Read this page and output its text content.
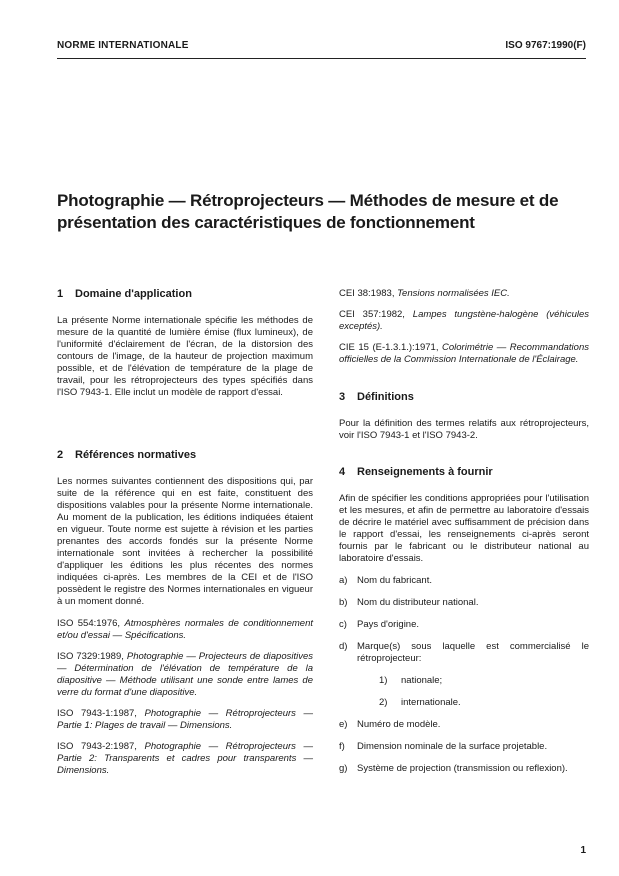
NORME INTERNATIONALE	ISO 9767:1990(F)
Photographie — Rétroprojecteurs — Méthodes de mesure et de présentation des caractéristiques de fonctionnement
1 Domaine d'application

La présente Norme internationale spécifie les méthodes de mesure de la quantité de lumière émise (flux lumineux), de l'uniformité d'éclairement de l'écran, de la distorsion des contours de l'image, de la hauteur de projection maximum possible, et de l'élévation de température de la plage de travail, pour les rétroprojecteurs des types spécifiés dans l'ISO 7943-1. Elle inclut un modèle de rapport d'essai.

2 Références normatives

Les normes suivantes contiennent des dispositions qui, par suite de la référence qui en est faite, constituent des dispositions valables pour la présente Norme internationale. Au moment de la publication, les éditions indiquées étaient en vigueur. Toute norme est sujette à révision et les parties prenantes des accords fondés sur la présente Norme internationale sont invitées à rechercher la possibilité d'appliquer les éditions les plus récentes des normes indiquées ci-après. Les membres de la CEI et de l'ISO possèdent le registre des Normes internationales en vigueur à un moment donné.

ISO 554:1976, Atmosphères normales de conditionnement et/ou d'essai — Spécifications.
ISO 7329:1989, Photographie — Projecteurs de diapositives — Détermination de l'élévation de température de la diapositive — Méthode utilisant une sonde entre lames de verre du format d'une diapositive.
ISO 7943-1:1987, Photographie — Rétroprojecteurs — Partie 1: Plages de travail — Dimensions.
ISO 7943-2:1987, Photographie — Rétroprojecteurs — Partie 2: Transparents et cadres pour transparents — Dimensions.
CEI 38:1983, Tensions normalisées IEC.
CEI 357:1982, Lampes tungstène-halogène (véhicules exceptés).
CIE 15 (E-1.3.1.):1971, Colorimétrie — Recommandations officielles de la Commission Internationale de l'Éclairage.
3 Définitions

Pour la définition des termes relatifs aux rétroprojecteurs, voir l'ISO 7943-1 et l'ISO 7943-2.

4 Renseignements à fournir

Afin de spécifier les conditions appropriées pour l'utilisation et les mesures, et afin de permettre au laboratoire d'essais de décrire le matériel avec suffisamment de précision dans le rapport d'essai, les renseignements ci-après seront fournis par le fabricant ou le distributeur national au laboratoire d'essais.

a)	Nom du fabricant.
b)	Nom du distributeur national.
c)	Pays d'origine.
d)	Marque(s) sous laquelle est commercialisé le rétroprojecteur:
1)	nationale;
2)	internationale.
e)	Numéro de modèle.
f)	Dimension nominale de la surface projetable.
g)	Système de projection (transmission ou reflexion).
1
